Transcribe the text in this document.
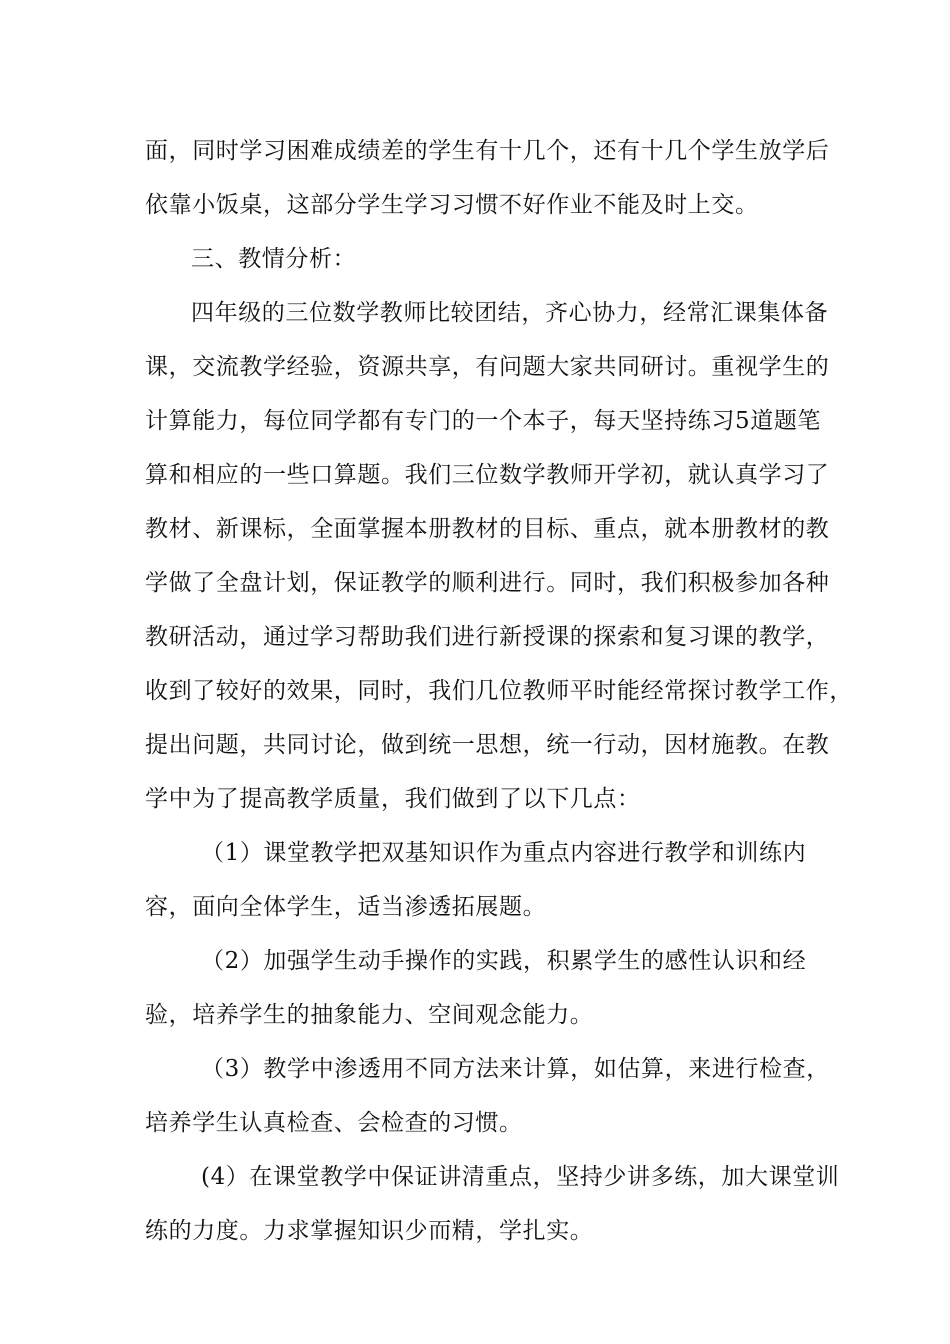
面，同时学习困难成绩差的学生有十几个，还有十几个学生放学后
依靠小饭桌，这部分学生学习习惯不好作业不能及时上交。
三、教情分析：
四年级的三位数学教师比较团结，齐心协力，经常汇课集体备
课，交流教学经验，资源共享，有问题大家共同研讨。重视学生的
计算能力，每位同学都有专门的一个本子，每天坚持练习5道题笔
算和相应的一些口算题。我们三位数学教师开学初，就认真学习了
教材、新课标，全面掌握本册教材的目标、重点，就本册教材的教
学做了全盘计划，保证教学的顺利进行。同时，我们积极参加各种
教研活动，通过学习帮助我们进行新授课的探索和复习课的教学，
收到了较好的效果，同时，我们几位教师平时能经常探讨教学工作，
提出问题，共同讨论，做到统一思想，统一行动，因材施教。在教
学中为了提高教学质量，我们做到了以下几点：
（1）课堂教学把双基知识作为重点内容进行教学和训练内
容，面向全体学生，适当渗透拓展题。
（2）加强学生动手操作的实践，积累学生的感性认识和经
验，培养学生的抽象能力、空间观念能力。
（3）教学中渗透用不同方法来计算，如估算，来进行检查，
培养学生认真检查、会检查的习惯。
(4）在课堂教学中保证讲清重点，坚持少讲多练，加大课堂训
练的力度。力求掌握知识少而精，学扎实。
